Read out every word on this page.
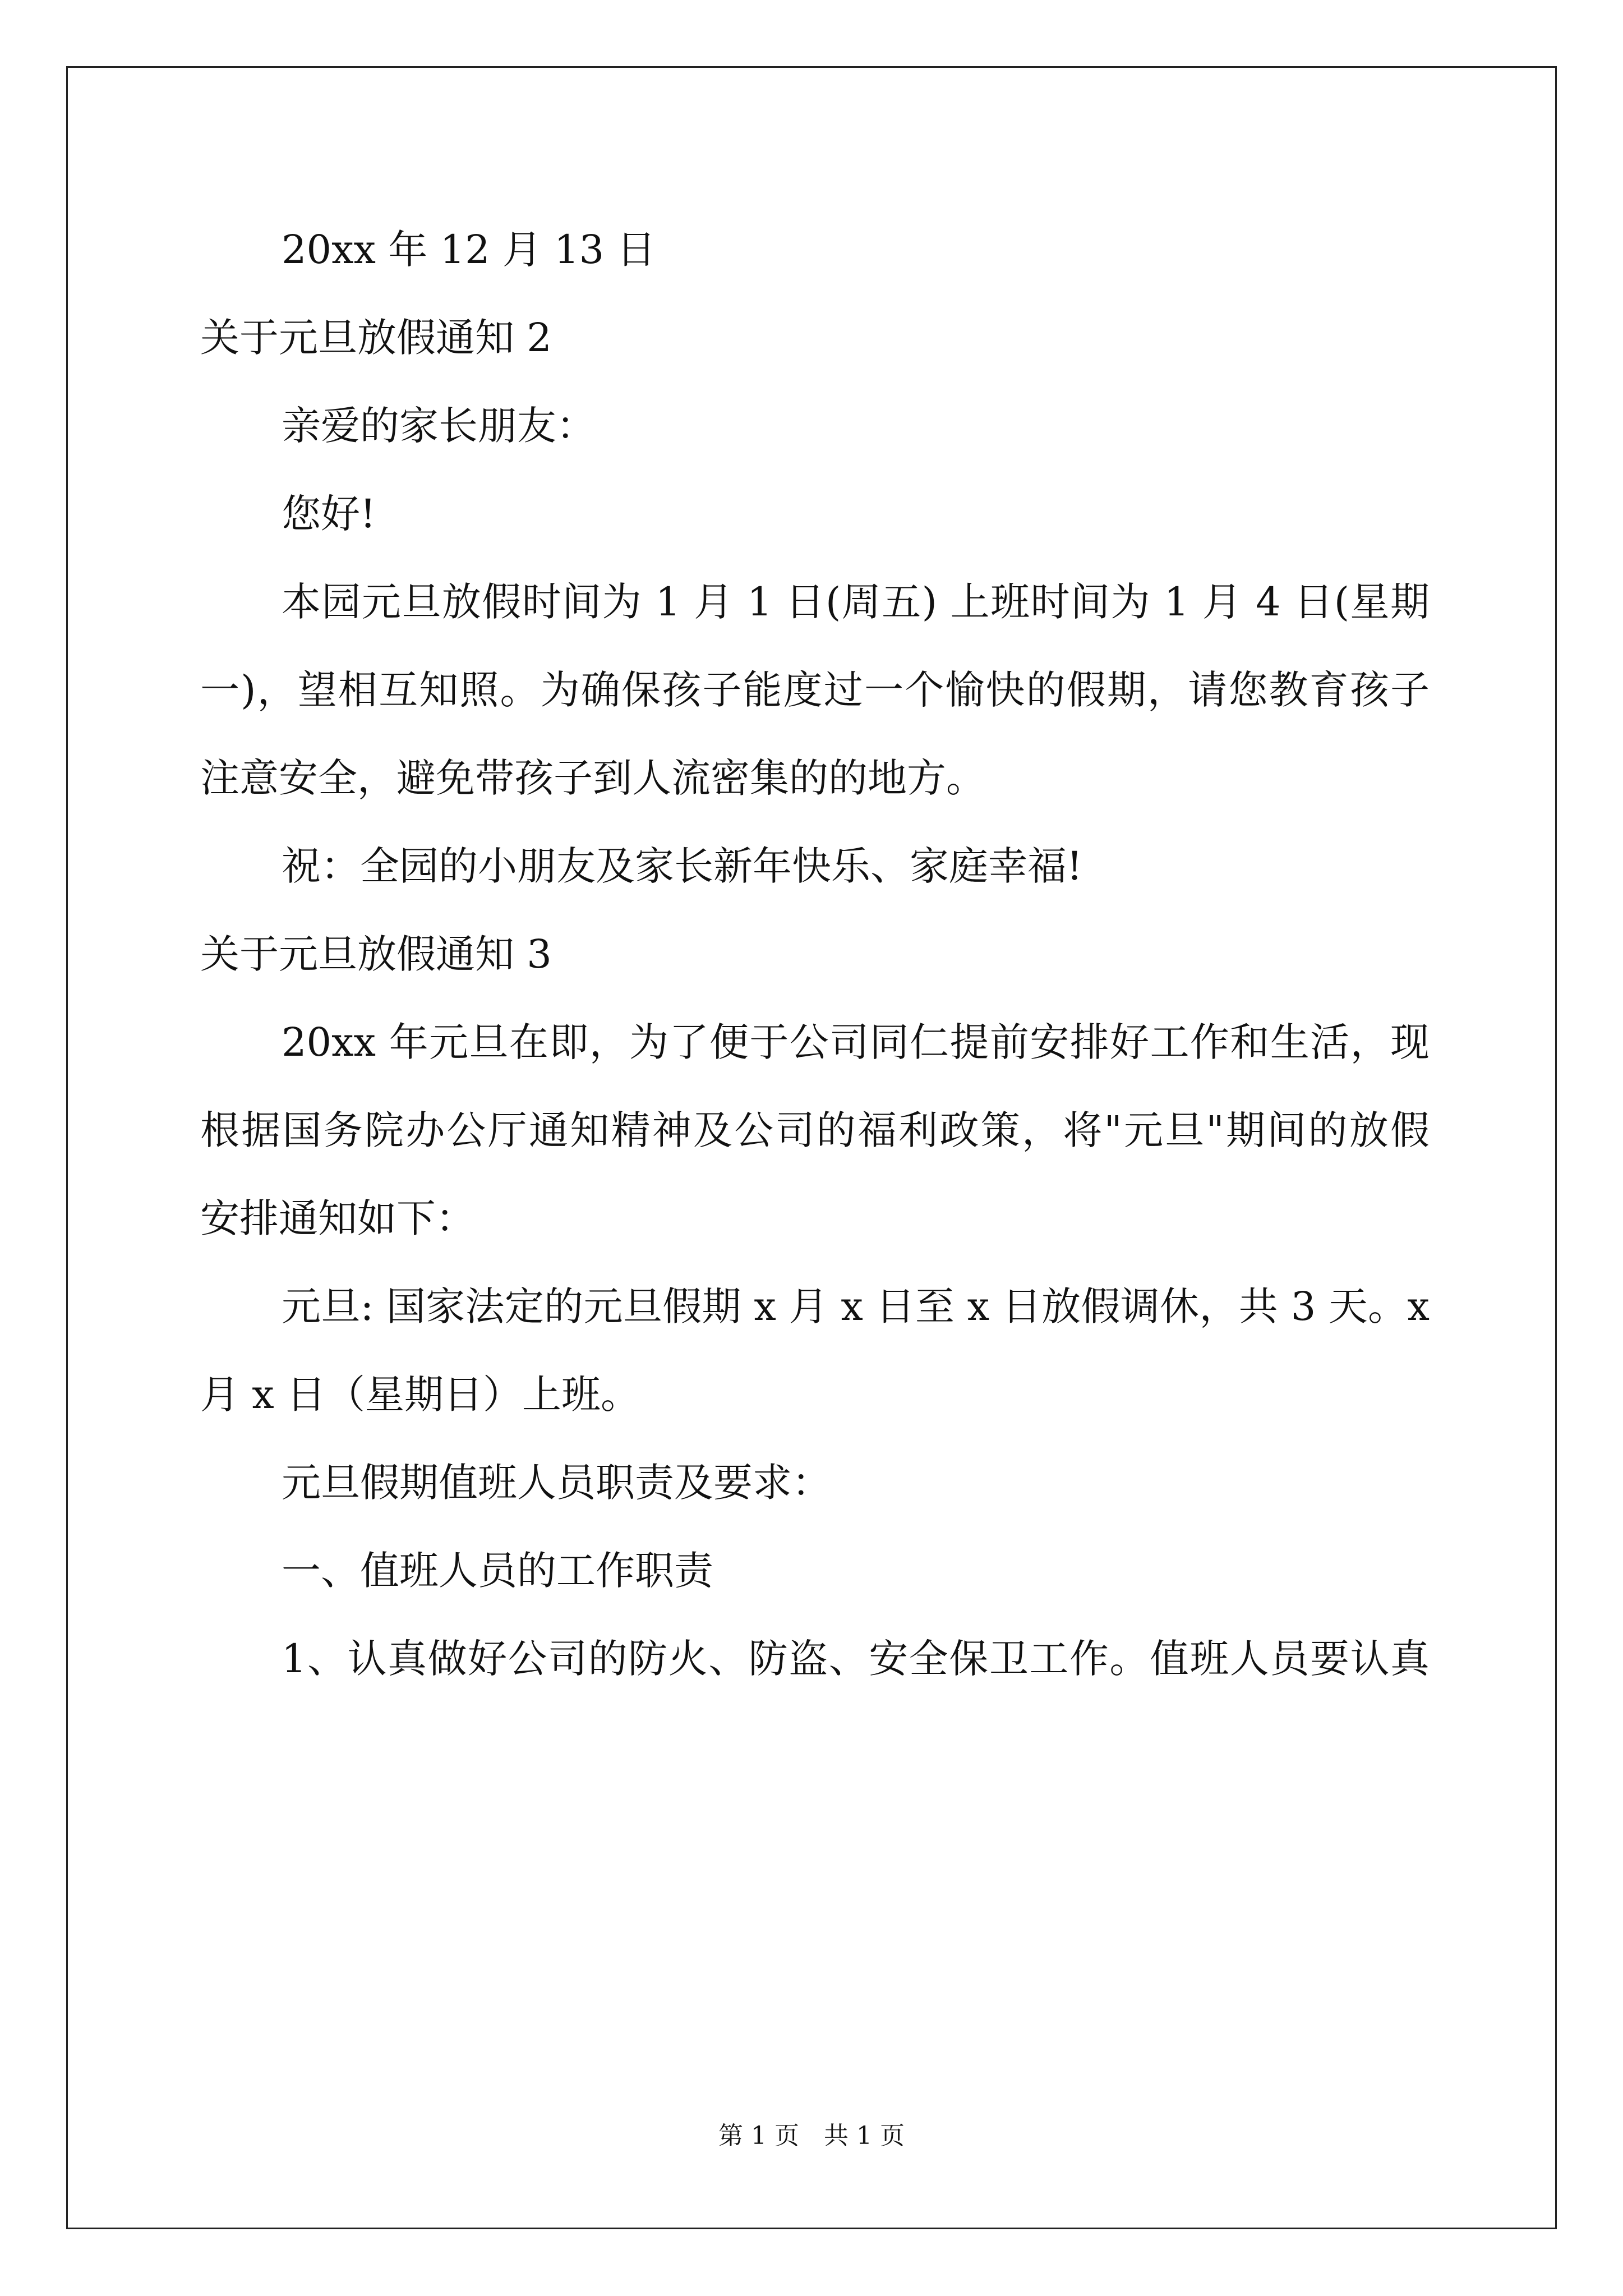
20xx 年 12 月 13 日

关于元旦放假通知 2

亲爱的家长朋友：

您好!

本园元旦放假时间为 1 月 1 日(周五) 上班时间为 1 月 4 日(星期

一)，望相互知照。为确保孩子能度过一个愉快的假期，请您教育孩子

注意安全，避免带孩子到人流密集的的地方。

祝：全园的小朋友及家长新年快乐、家庭幸福!

关于元旦放假通知 3

20xx 年元旦在即，为了便于公司同仁提前安排好工作和生活，现

根据国务院办公厅通知精神及公司的福利政策，将"元旦"期间的放假

安排通知如下：

元旦: 国家法定的元旦假期 x 月 x 日至 x 日放假调休，共 3 天。x

月 x 日（星期日）上班。

元旦假期值班人员职责及要求：

一、值班人员的工作职责

1、认真做好公司的防火、防盗、安全保卫工作。值班人员要认真

第 1 页　共 1 页
